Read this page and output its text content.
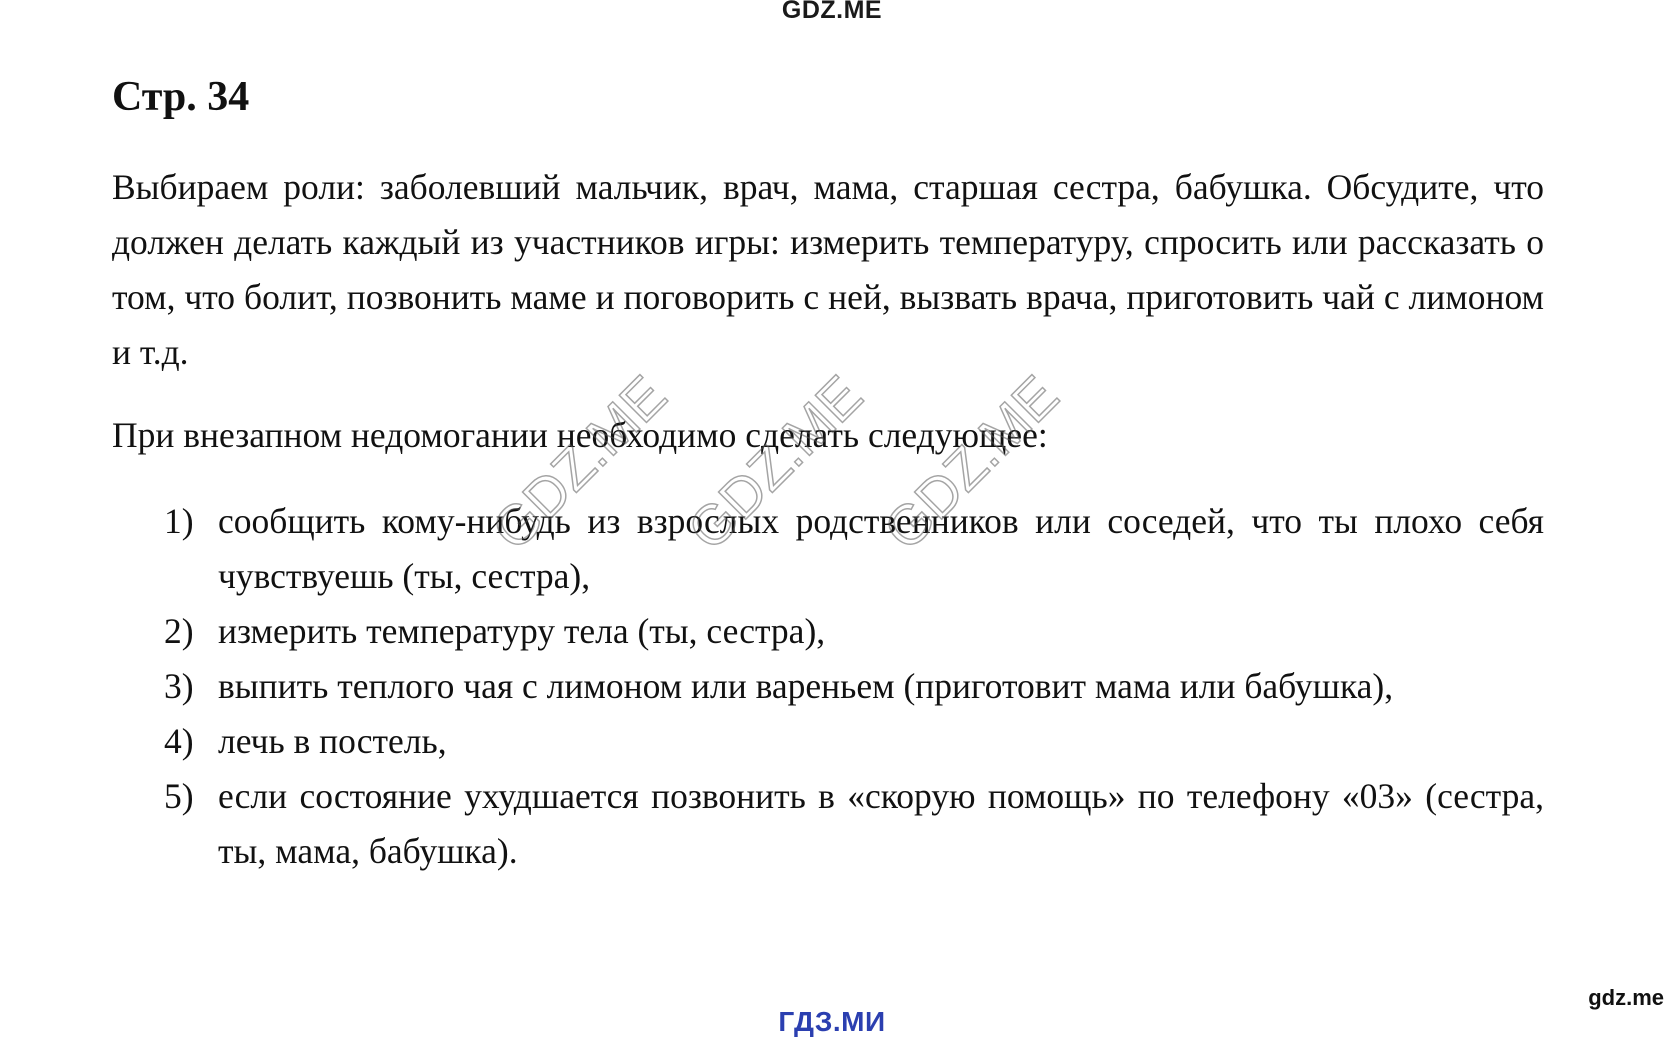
GDZ.ME
Стр. 34

Выбираем роли: заболевший мальчик, врач, мама, старшая сестра, бабушка. Обсудите, что должен делать каждый из участников игры: измерить температуру, спросить или рассказать о том, что болит, позвонить маме и поговорить с ней, вызвать врача, приготовить чай с лимоном и т.д.

При внезапном недомогании необходимо сделать следующее:

1) сообщить кому-нибудь из взрослых родственников или соседей, что ты плохо себя чувствуешь (ты, сестра),
2) измерить температуру тела (ты, сестра),
3) выпить теплого чая с лимоном или вареньем (приготовит мама или бабушка),
4) лечь в постель,
5) если состояние ухудшается позвонить в «скорую помощь» по телефону «03» (сестра, ты, мама, бабушка).
GDZ.ME
GDZ.ME
GDZ.ME
gdz.me
ГДЗ.МИ
